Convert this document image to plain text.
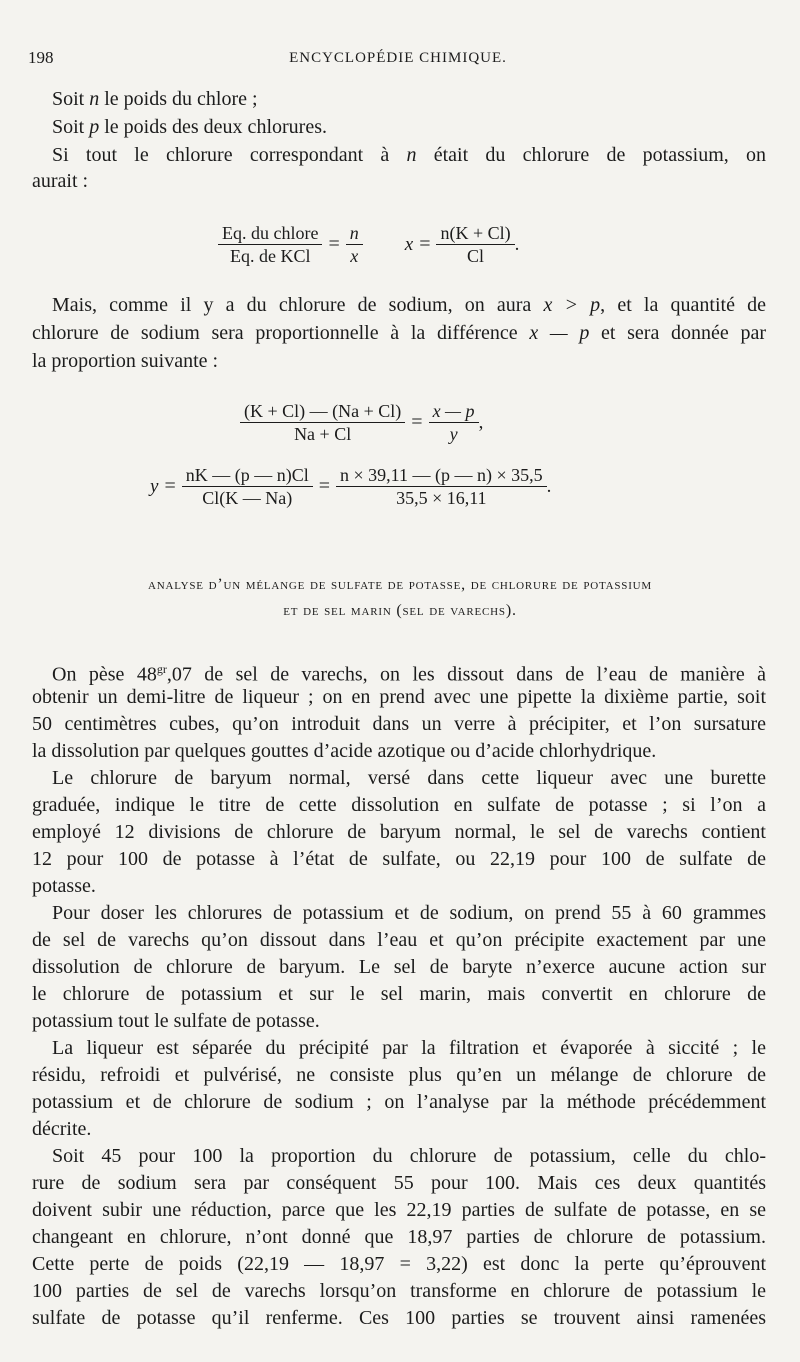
198	ENCYCLOPÉDIE CHIMIQUE.
Soit n le poids du chlore ;
Soit p le poids des deux chlorures.
Si tout le chlorure correspondant à n était du chlorure de potassium, on
aurait :
$\frac{\text{Eq. du chlore}}{\text{Eq. de KCl}} = \frac{n}{x}$ $x = \frac{n(K + Cl)}{Cl}$ .
Mais, comme il y a du chlorure de sodium, on aura x > p, et la quantité de
chlorure de sodium sera proportionnelle à la différence x — p et sera donnée par
la proportion suivante :
$\frac{(K + Cl) — (Na + Cl)}{Na + Cl} = \frac{x — p}{y}$ ,
$y = \frac{nK — (p — n)Cl}{Cl(K — Na)} = \frac{n \times 39,11 — (p — n) \times 35,5}{35,5 \times 16,11}$ .
analyse d’un mélange de sulfate de potasse, de chlorure de potassium
et de sel marin (sel de varechs).
On pèse $48^{gr},07$ de sel de varechs, on les dissout dans de l’eau de manière à
obtenir un demi-litre de liqueur ; on en prend avec une pipette la dixième partie, soit
50 centimètres cubes, qu’on introduit dans un verre à précipiter, et l’on sursature
la dissolution par quelques gouttes d’acide azotique ou d’acide chlorhydrique.
Le chlorure de baryum normal, versé dans cette liqueur avec une burette
graduée, indique le titre de cette dissolution en sulfate de potasse ; si l’on a
employé 12 divisions de chlorure de baryum normal, le sel de varechs contient
12 pour 100 de potasse à l’état de sulfate, ou 22,19 pour 100 de sulfate de
potasse.
Pour doser les chlorures de potassium et de sodium, on prend 55 à 60 grammes
de sel de varechs qu’on dissout dans l’eau et qu’on précipite exactement par une
dissolution de chlorure de baryum. Le sel de baryte n’exerce aucune action sur
le chlorure de potassium et sur le sel marin, mais convertit en chlorure de
potassium tout le sulfate de potasse.
La liqueur est séparée du précipité par la filtration et évaporée à siccité ; le
résidu, refroidi et pulvérisé, ne consiste plus qu’en un mélange de chlorure de
potassium et de chlorure de sodium ; on l’analyse par la méthode précédemment
décrite.
Soit 45 pour 100 la proportion du chlorure de potassium, celle du chlo-
rure de sodium sera par conséquent 55 pour 100. Mais ces deux quantités
doivent subir une réduction, parce que les 22,19 parties de sulfate de potasse, en se
changeant en chlorure, n’ont donné que 18,97 parties de chlorure de potassium.
Cette perte de poids (22,19 — 18,97 = 3,22) est donc la perte qu’éprouvent
100 parties de sel de varechs lorsqu’on transforme en chlorure de potassium le
sulfate de potasse qu’il renferme. Ces 100 parties se trouvent ainsi ramenées
